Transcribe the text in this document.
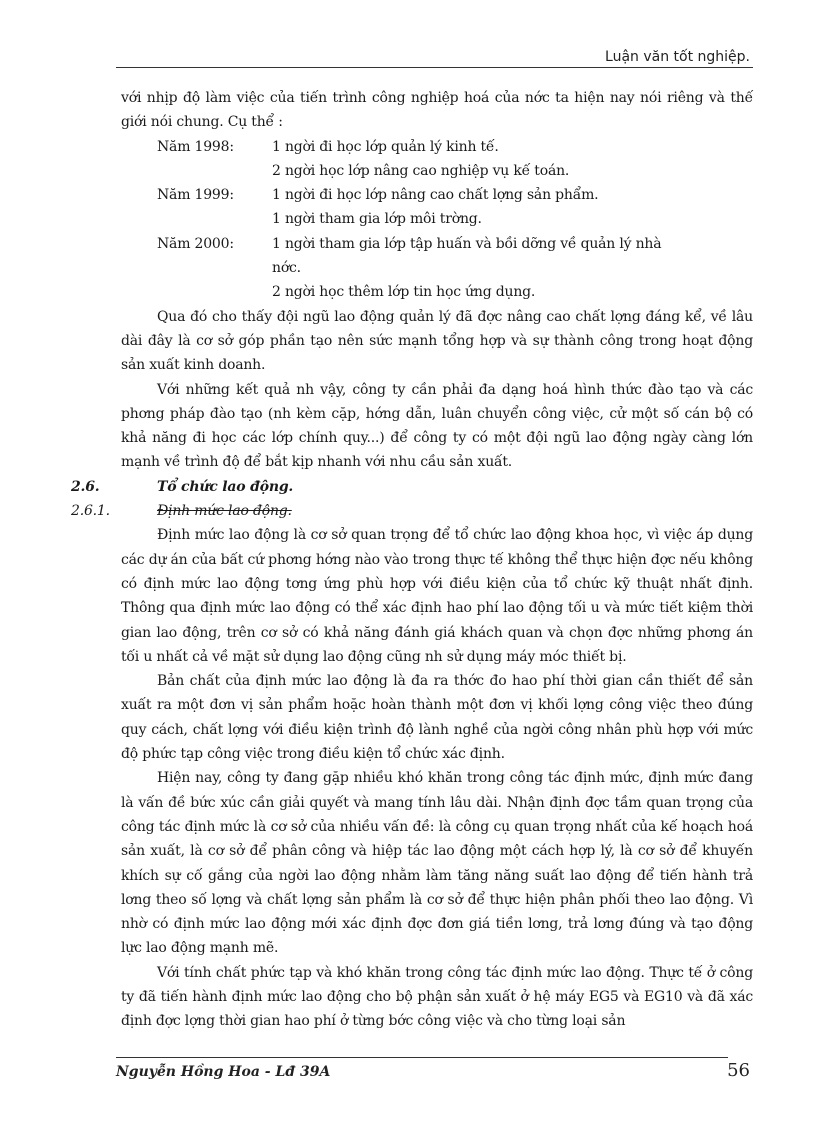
Luận văn tốt nghiệp.

với nhịp độ làm việc của tiến trình công nghiệp hoá của nớc ta hiện nay nói riêng và thế giới nói chung. Cụ thể :

Năm 1998:	1 ngời đi học lớp quản lý kinh tế.
2 ngời học lớp nâng cao nghiệp vụ kế toán.
Năm 1999:	1 ngời đi học lớp nâng cao chất lợng sản phẩm.
1 ngời tham gia lớp môi trờng.
Năm 2000:	1 ngời tham gia lớp tập huấn và bồi dỡng về quản lý nhà nớc.
2 ngời học thêm lớp tin học ứng dụng.

Qua đó cho thấy đội ngũ lao động quản lý đã đợc nâng cao chất lợng đáng kể, về lâu dài đây là cơ sở góp phần tạo nên sức mạnh tổng hợp và sự thành công trong hoạt động sản xuất kinh doanh.

Với những kết quả nh vậy, công ty cần phải đa dạng hoá hình thức đào tạo và các phơng pháp đào tạo (nh kèm cặp, hớng dẫn, luân chuyển công việc, cử một số cán bộ có khả năng đi học các lớp chính quy...) để công ty có một đội ngũ lao động ngày càng lớn mạnh về trình độ để bắt kịp nhanh với nhu cầu sản xuất.

2.6.	Tổ chức lao động.
2.6.1.	Định mức lao động.

Định mức lao động là cơ sở quan trọng để tổ chức lao động khoa học, vì việc áp dụng các dự án của bất cứ phơng hớng nào vào trong thực tế không thể thực hiện đợc nếu không có định mức lao động tơng ứng phù hợp với điều kiện của tổ chức kỹ thuật nhất định. Thông qua định mức lao động có thể xác định hao phí lao động tối u và mức tiết kiệm thời gian lao động, trên cơ sở có khả năng đánh giá khách quan và chọn đợc những phơng án tối u nhất cả về mặt sử dụng lao động cũng nh sử dụng máy móc thiết bị.

Bản chất của định mức lao động là đa ra thớc đo hao phí thời gian cần thiết để sản xuất ra một đơn vị sản phẩm hoặc hoàn thành một đơn vị khối lợng công việc theo đúng quy cách, chất lợng với điều kiện trình độ lành nghề của ngời công nhân phù hợp với mức độ phức tạp công việc trong điều kiện tổ chức xác định.

Hiện nay, công ty đang gặp nhiều khó khăn trong công tác định mức, định mức đang là vấn đề bức xúc cần giải quyết và mang tính lâu dài. Nhận định đợc tầm quan trọng của công tác định mức là cơ sở của nhiều vấn đề: là công cụ quan trọng nhất của kế hoạch hoá sản xuất, là cơ sở để phân công và hiệp tác lao động một cách hợp lý, là cơ sở để khuyến khích sự cố gắng của ngời lao động nhằm làm tăng năng suất lao động để tiến hành trả lơng theo số lợng và chất lợng sản phẩm là cơ sở để thực hiện phân phối theo lao động. Vì nhờ có định mức lao động mới xác định đợc đơn giá tiền lơng, trả lơng đúng và tạo động lực lao động mạnh mẽ.

Với tính chất phức tạp và khó khăn trong công tác định mức lao động. Thực tế ở công ty đã tiến hành định mức lao động cho bộ phận sản xuất ở hệ máy EG5 và EG10 và đã xác định đợc lợng thời gian hao phí ở từng bớc công việc và cho từng loại sản

Nguyễn Hồng Hoa - Lđ 39A	56
